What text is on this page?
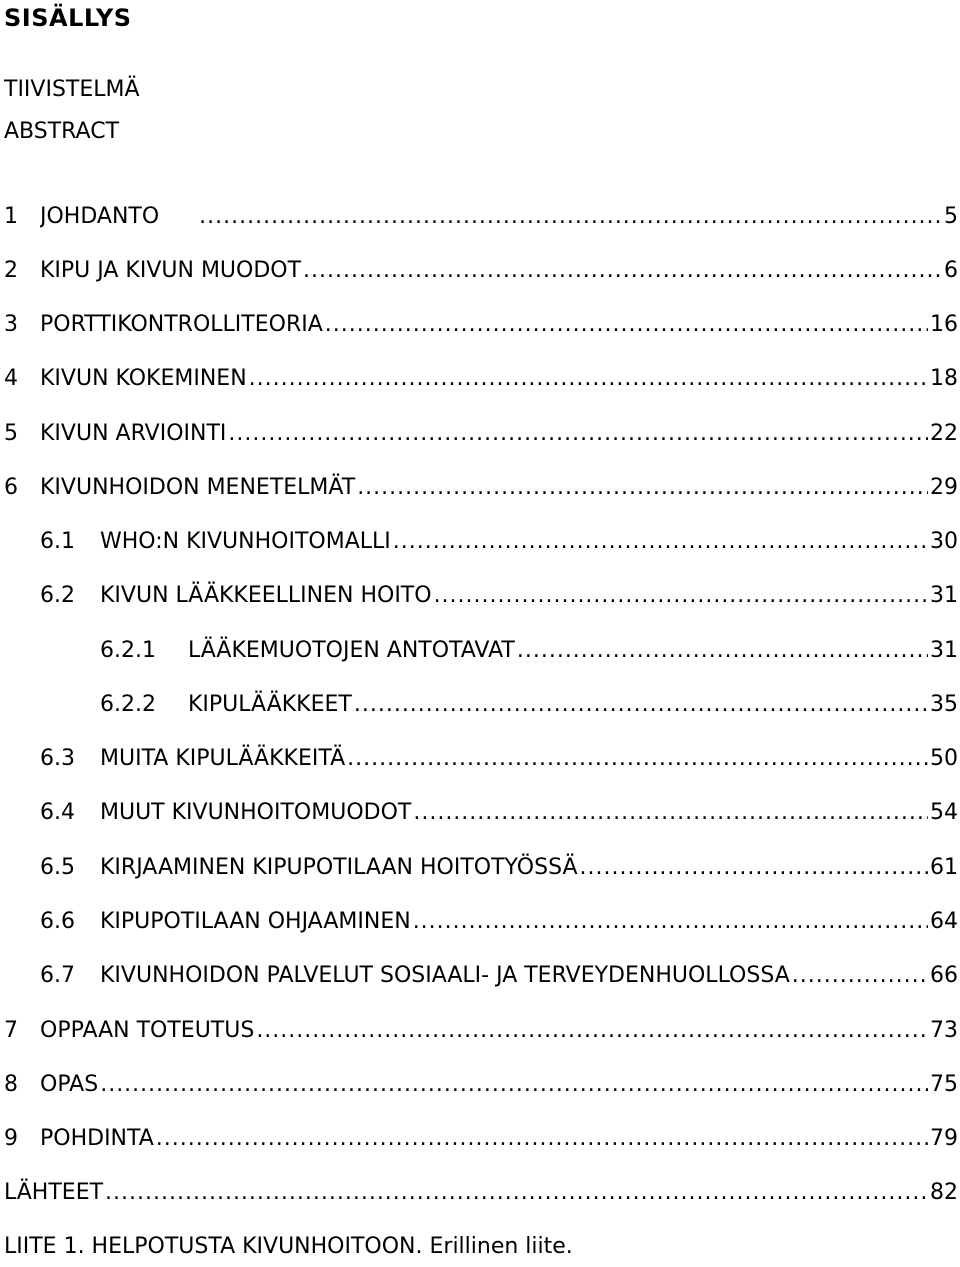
SISÄLLYS
TIIVISTELMÄ
ABSTRACT
1 JOHDANTO .....	5
2 KIPU JA KIVUN MUODOT .....	6
3 PORTTIKONTROLLITEORIA .....	16
4 KIVUN KOKEMINEN .....	18
5 KIVUN ARVIOINTI .....	22
6 KIVUNHOIDON MENETELMÄT .....	29
6.1 WHO:N KIVUNHOITOMALLI .....	30
6.2 KIVUN LÄÄKKEELLINEN HOITO .....	31
6.2.1 LÄÄKEMUOTOJEN ANTOTAVAT .....	31
6.2.2 KIPULÄÄKKEET .....	35
6.3 MUITA KIPULÄÄKKEITÄ .....	50
6.4 MUUT KIVUNHOITOMUODOT .....	54
6.5 KIRJAAMINEN KIPUPOTILAAN HOITOTYÖSSÄ .....	61
6.6 KIPUPOTILAAN OHJAAMINEN .....	64
6.7 KIVUNHOIDON PALVELUT SOSIAALI- JA TERVEYDENHUOLLOSSA .....	66
7 OPPAAN TOTEUTUS .....	73
8 OPAS .....	75
9 POHDINTA .....	79
LÄHTEET .....	82
LIITE 1. HELPOTUSTA KIVUNHOITOON. Erillinen liite.
